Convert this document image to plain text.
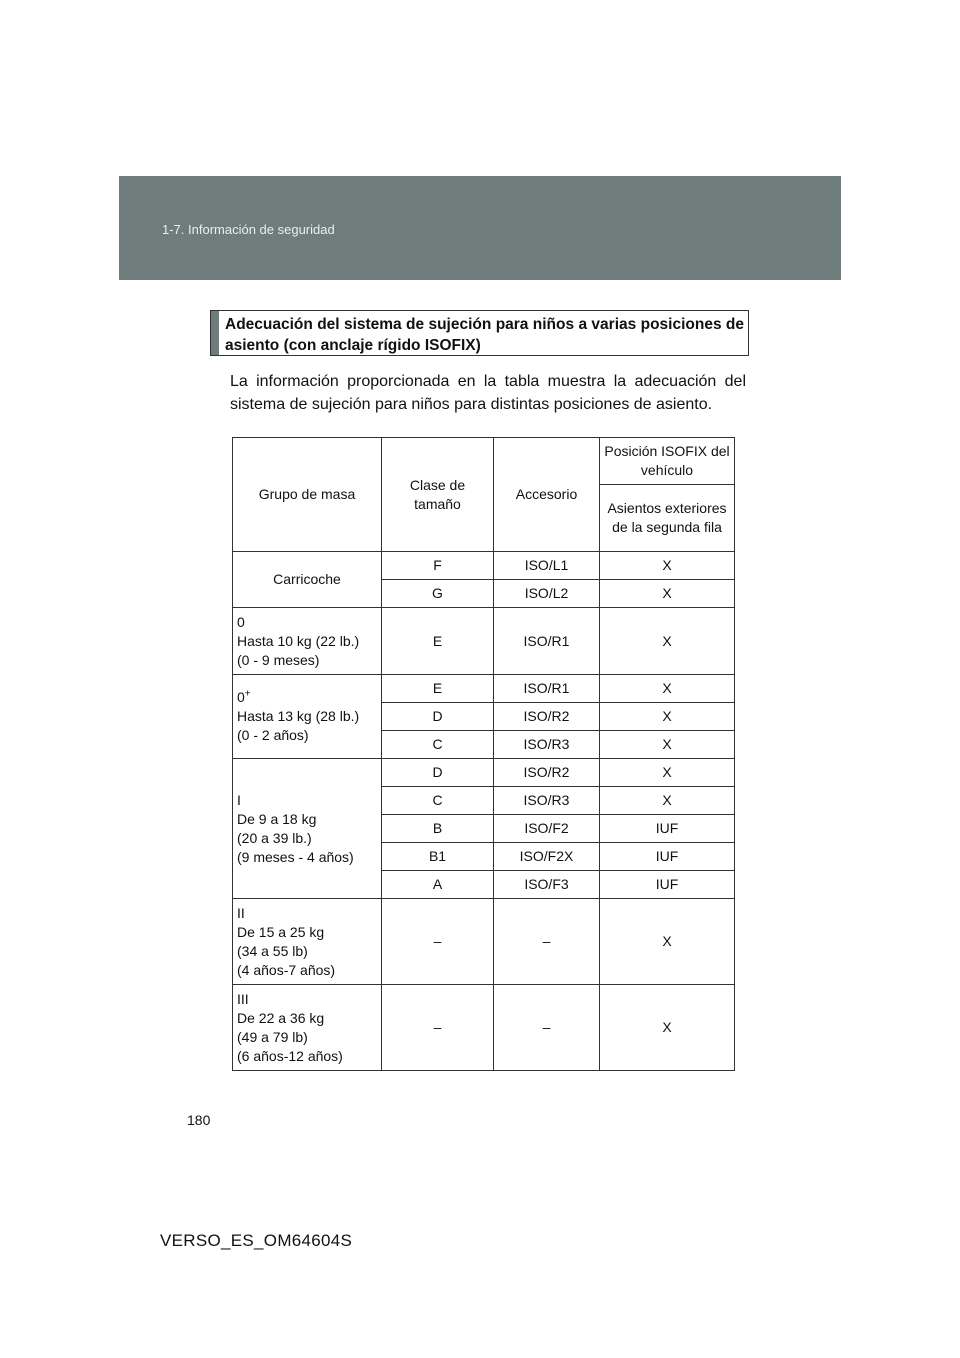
1-7. Información de seguridad
Adecuación del sistema de sujeción para niños a varias posiciones de asiento (con anclaje rígido ISOFIX)
La información proporcionada en la tabla muestra la adecuación del sistema de sujeción para niños para distintas posiciones de asiento.
Grupo de masa	Clase de tamaño	Accesorio	Posición ISOFIX del vehículo
			Asientos exteriores de la segunda fila
Carricoche	F	ISO/L1	X
	G	ISO/L2	X
0
Hasta 10 kg (22 lb.)
(0 - 9 meses)	E	ISO/R1	X
0+
Hasta 13 kg (28 lb.)
(0 - 2 años)	E	ISO/R1	X
	D	ISO/R2	X
	C	ISO/R3	X
I
De 9 a 18 kg
(20 a 39 lb.)
(9 meses - 4 años)	D	ISO/R2	X
	C	ISO/R3	X
	B	ISO/F2	IUF
	B1	ISO/F2X	IUF
	A	ISO/F3	IUF
II
De 15 a 25 kg
(34 a 55 lb)
(4 años-7 años)	–	–	X
III
De 22 a 36 kg
(49 a 79 lb)
(6 años-12 años)	–	–	X
180
VERSO_ES_OM64604S
